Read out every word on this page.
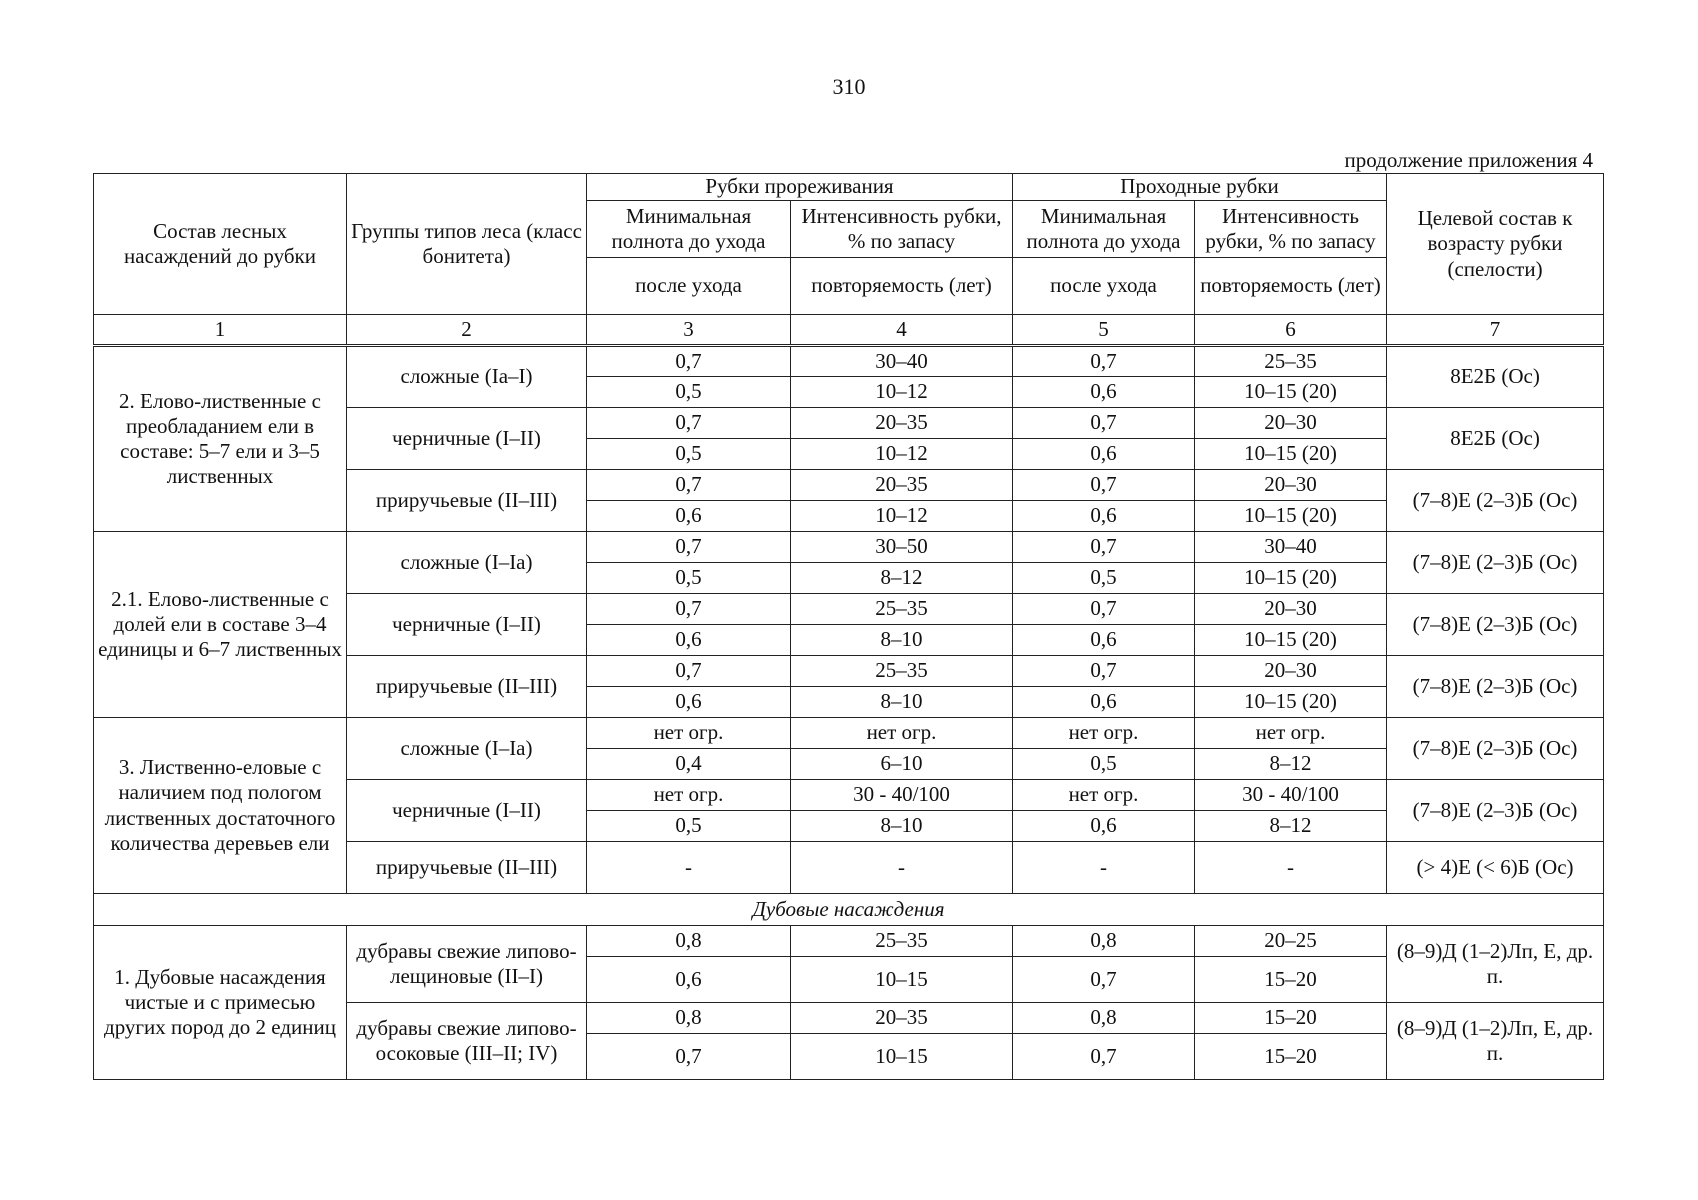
310
продолжение приложения 4
Состав лесных насаждений до рубки	Группы типов леса (класс бонитета)	Рубки прореживания		Проходные рубки		Целевой состав к возрасту рубки (спелости)
		Минимальная полнота до ухода	Интенсивность рубки, % по запасу	Минимальная полнота до ухода	Интенсивность рубки, % по запасу	
		после ухода	повторяемость (лет)	после ухода	повторяемость (лет)	
1	2	3	4	5	6	7
2. Елово-лиственные с преобладанием ели в составе: 5–7 ели и 3–5 лиственных	сложные (Ia–I)	0,7	30–40	0,7	25–35	8Е2Б (Ос)
		0,5	10–12	0,6	10–15 (20)	
	черничные (I–II)	0,7	20–35	0,7	20–30	8Е2Б (Ос)
		0,5	10–12	0,6	10–15 (20)	
	приручьевые (II–III)	0,7	20–35	0,7	20–30	(7–8)Е (2–3)Б (Ос)
		0,6	10–12	0,6	10–15 (20)	
2.1. Елово-лиственные с долей ели в составе 3–4 единицы и 6–7 лиственных	сложные (I–Ia)	0,7	30–50	0,7	30–40	(7–8)Е (2–3)Б (Ос)
		0,5	8–12	0,5	10–15 (20)	
	черничные (I–II)	0,7	25–35	0,7	20–30	(7–8)Е (2–3)Б (Ос)
		0,6	8–10	0,6	10–15 (20)	
	приручьевые (II–III)	0,7	25–35	0,7	20–30	(7–8)Е (2–3)Б (Ос)
		0,6	8–10	0,6	10–15 (20)	
3. Лиственно-еловые с наличием под пологом лиственных достаточного количества деревьев ели	сложные (I–Ia)	нет огр.	нет огр.	нет огр.	нет огр.	(7–8)Е (2–3)Б (Ос)
		0,4	6–10	0,5	8–12	
	черничные (I–II)	нет огр.	30 - 40/100	нет огр.	30 - 40/100	(7–8)Е (2–3)Б (Ос)
		0,5	8–10	0,6	8–12	
	приручьевые (II–III)	-	-	-	-	(> 4)Е (< 6)Б (Ос)
Дубовые насаждения						
1. Дубовые насаждения чистые и с примесью других пород до 2 единиц	дубравы свежие липово-лещиновые (II–I)	0,8	25–35	0,8	20–25	(8–9)Д (1–2)Лп, Е, др. п.
		0,6	10–15	0,7	15–20	
	дубравы свежие липово-осоковые (III–II; IV)	0,8	20–35	0,8	15–20	(8–9)Д (1–2)Лп, Е, др. п.
		0,7	10–15	0,7	15–20	
